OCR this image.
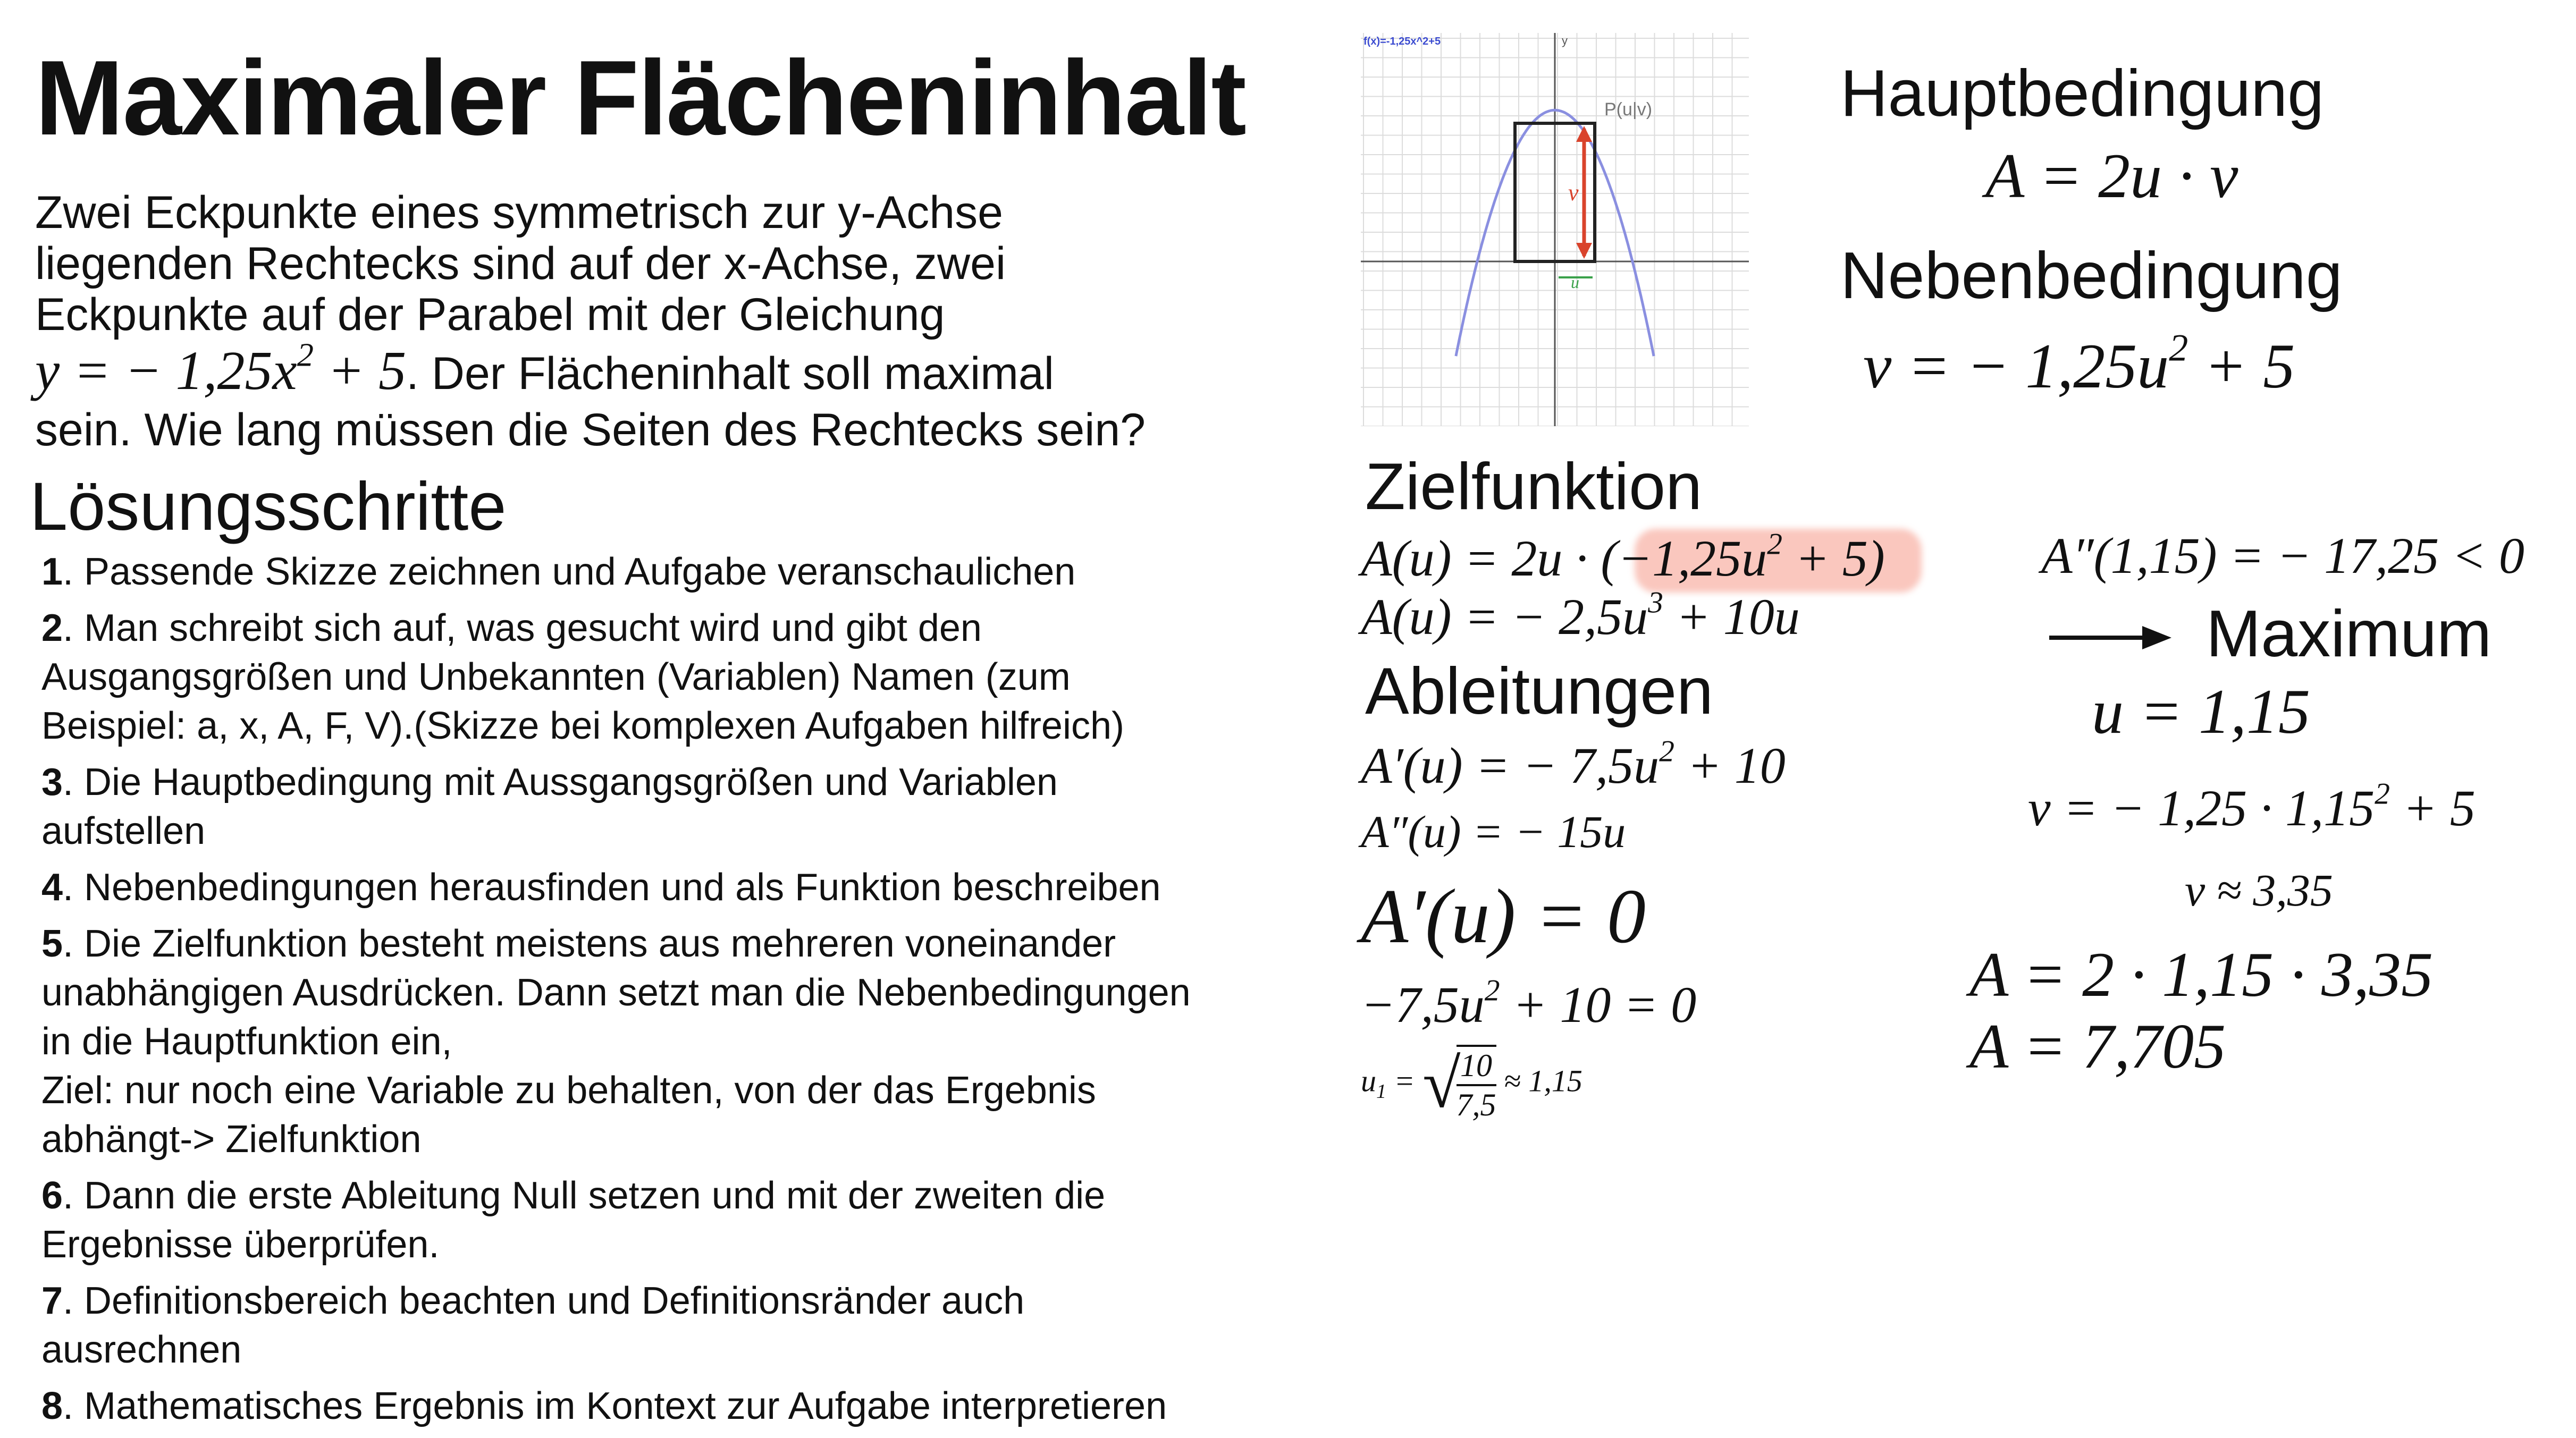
Maximaler Flächeninhalt
Zwei Eckpunkte eines symmetrisch zur y-Achse
liegenden Rechtecks sind auf der x-Achse, zwei
Eckpunkte auf der Parabel mit der Gleichung
y = − $1,25x^2 + 5$. Der Flächeninhalt soll maximal
sein. Wie lang müssen die Seiten des Rechtecks sein?
Lösungsschritte
1. Passende Skizze zeichnen und Aufgabe veranschaulichen
2. Man schreibt sich auf, was gesucht wird und gibt den
Ausgangsgrößen und Unbekannten (Variablen) Namen (zum
Beispiel: a, x, A, F, V).(Skizze bei komplexen Aufgaben hilfreich)
3. Die Hauptbedingung mit Aussgangsgrößen und Variablen
aufstellen
4. Nebenbedingungen herausfinden und als Funktion beschreiben
5. Die Zielfunktion besteht meistens aus mehreren voneinander
unabhängigen Ausdrücken. Dann setzt man die Nebenbedingungen
in die Hauptfunktion ein,
Ziel: nur noch eine Variable zu behalten, von der das Ergebnis
abhängt-> Zielfunktion
6. Dann die erste Ableitung Null setzen und mit der zweiten die
Ergebnisse überprüfen.
7. Definitionsbereich beachten und Definitionsränder auch
ausrechnen
8. Mathematisches Ergebnis im Kontext zur Aufgabe interpretieren
f(x)=-1,25x^2+5	y
P(u|v)
v
u
Hauptbedingung
A = 2u · v
Nebenbedingung
v = − $1,25u^2 + 5$
Zielfunktion
$A(u) = 2u \cdot (-1,25u^2 + 5)$
A(u) = − $2,5u^3 + 10u$
Ableitungen
A′(u) = − $7,5u^2 + 10$
A″(u) = − 15u
A′(u) = 0
$-7,5u^2 + 10 = 0$
$u_1$ = √
$\frac{10}{7,5} \approx 1,15$
A″(1,15) = − 17,25 < 0
Maximum
u = 1,15
v = − $1,25 \cdot 1,15^2 + 5$
v ≈ 3,35
A = 2 · 1,15 · 3,35
A = 7,705
